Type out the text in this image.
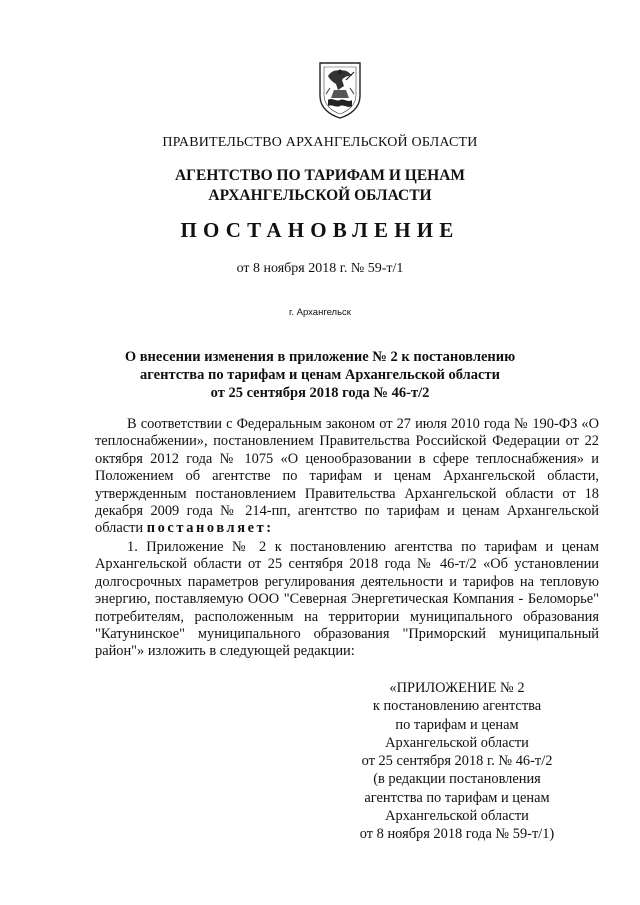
ПРАВИТЕЛЬСТВО АРХАНГЕЛЬСКОЙ ОБЛАСТИ
АГЕНТСТВО ПО ТАРИФАМ И ЦЕНАМ
АРХАНГЕЛЬСКОЙ ОБЛАСТИ
ПОСТАНОВЛЕНИЕ
от 8 ноября 2018 г. № 59-т/1
г. Архангельск
О внесении изменения в приложение № 2 к постановлению
агентства по тарифам и ценам Архангельской области
от 25 сентября 2018 года № 46-т/2

В соответствии с Федеральным законом от 27 июля 2010 года № 190-ФЗ «О теплоснабжении», постановлением Правительства Российской Федерации от 22 октября 2012 года № 1075 «О ценообразовании в сфере теплоснабжения» и Положением об агентстве по тарифам и ценам Архангельской области, утвержденным постановлением Правительства Архангельской области от 18 декабря 2009 года № 214-пп, агентство по тарифам и ценам Архангельской области постановляет:

1. Приложение № 2 к постановлению агентства по тарифам и ценам Архангельской области от 25 сентября 2018 года № 46-т/2 «Об установлении долгосрочных параметров регулирования деятельности и тарифов на тепловую энергию, поставляемую ООО "Северная Энергетическая Компания - Беломорье" потребителям, расположенным на территории муниципального образования "Катунинское" муниципального образования "Приморский муниципальный район"» изложить в следующей редакции:

«ПРИЛОЖЕНИЕ № 2
к постановлению агентства
по тарифам и ценам
Архангельской области
от 25 сентября 2018 г. № 46-т/2
(в редакции постановления
агентства по тарифам и ценам
Архангельской области
от 8 ноября 2018 года № 59-т/1)
